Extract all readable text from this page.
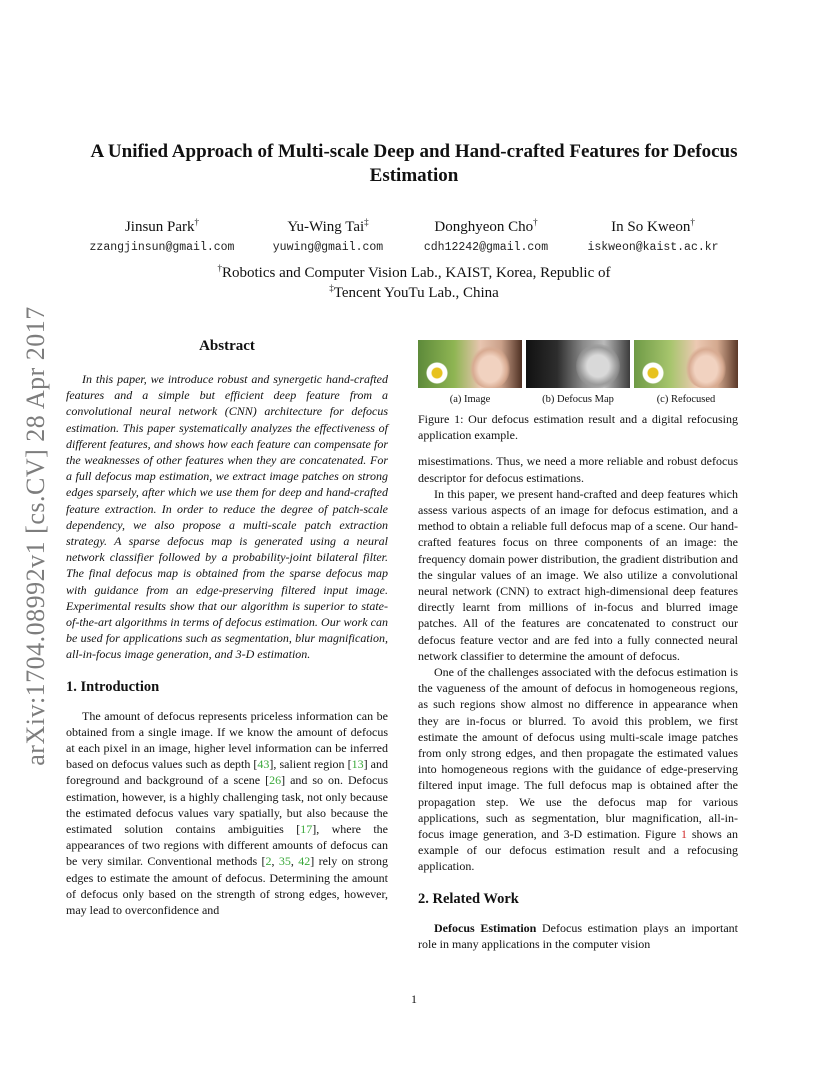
arXiv:1704.08992v1 [cs.CV] 28 Apr 2017
A Unified Approach of Multi-scale Deep and Hand-crafted Features for Defocus Estimation
Jinsun Park†
zzangjinsun@gmail.com
Yu-Wing Tai‡
yuwing@gmail.com
Donghyeon Cho†
cdh12242@gmail.com
In So Kweon†
iskweon@kaist.ac.kr
†Robotics and Computer Vision Lab., KAIST, Korea, Republic of
‡Tencent YouTu Lab., China
Abstract

In this paper, we introduce robust and synergetic hand-crafted features and a simple but efficient deep feature from a convolutional neural network (CNN) architecture for defocus estimation. This paper systematically analyzes the effectiveness of different features, and shows how each feature can compensate for the weaknesses of other features when they are concatenated. For a full defocus map estimation, we extract image patches on strong edges sparsely, after which we use them for deep and hand-crafted feature extraction. In order to reduce the degree of patch-scale dependency, we also propose a multi-scale patch extraction strategy. A sparse defocus map is generated using a neural network classifier followed by a probability-joint bilateral filter. The final defocus map is obtained from the sparse defocus map with guidance from an edge-preserving filtered input image. Experimental results show that our algorithm is superior to state-of-the-art algorithms in terms of defocus estimation. Our work can be used for applications such as segmentation, blur magnification, all-in-focus image generation, and 3-D estimation.

1. Introduction

The amount of defocus represents priceless information can be obtained from a single image. If we know the amount of defocus at each pixel in an image, higher level information can be inferred based on defocus values such as depth [43], salient region [13] and foreground and background of a scene [26] and so on. Defocus estimation, however, is a highly challenging task, not only because the estimated defocus values vary spatially, but also because the estimated solution contains ambiguities [17], where the appearances of two regions with different amounts of defocus can be very similar. Conventional methods [2, 35, 42] rely on strong edges to estimate the amount of defocus. Determining the amount of defocus only based on the strength of strong edges, however, may lead to overconfidence and

(a) Image	(b) Defocus Map	(c) Refocused

Figure 1: Our defocus estimation result and a digital refocusing application example.

misestimations. Thus, we need a more reliable and robust defocus descriptor for defocus estimations.

In this paper, we present hand-crafted and deep features which assess various aspects of an image for defocus estimation, and a method to obtain a reliable full defocus map of a scene. Our hand-crafted features focus on three components of an image: the frequency domain power distribution, the gradient distribution and the singular values of an image. We also utilize a convolutional neural network (CNN) to extract high-dimensional deep features directly learnt from millions of in-focus and blurred image patches. All of the features are concatenated to construct our defocus feature vector and are fed into a fully connected neural network classifier to determine the amount of defocus.

One of the challenges associated with the defocus estimation is the vagueness of the amount of defocus in homogeneous regions, as such regions show almost no difference in appearance when they are in-focus or blurred. To avoid this problem, we first estimate the amount of defocus using multi-scale image patches from only strong edges, and then propagate the estimated values into homogeneous regions with the guidance of edge-preserving filtered input image. The full defocus map is obtained after the propagation step. We use the defocus map for various applications, such as segmentation, blur magnification, all-in-focus image generation, and 3-D estimation. Figure 1 shows an example of our defocus estimation result and a refocusing application.

2. Related Work

Defocus Estimation Defocus estimation plays an important role in many applications in the computer vision

1
